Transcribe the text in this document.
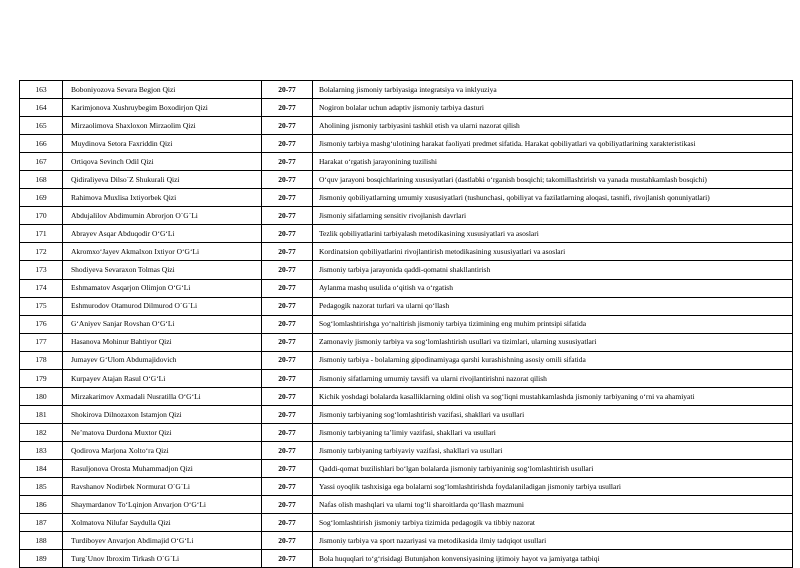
163	Boboniyozova Sevara Begjon Qizi	20-77	Bolalarning jismoniy tarbiyasiga integratsiya va inklyuziya
164	Karimjonova Xushruybegim Boxodirjon Qizi	20-77	Nogiron bolalar uchun adaptiv jismoniy tarbiya dasturi
165	Mirzaolimova Shaxloxon Mirzaolim Qizi	20-77	Aholining jismoniy tarbiyasini tashkil etish va ularni nazorat qilish
166	Muydinova Setora Faxriddin Qizi	20-77	Jismoniy tarbiya mashg‘ulotining harakat faoliyati predmet sifatida. Harakat qobiliyatlari va qobiliyatlarining xarakteristikasi
167	Ortiqova Sevinch Odil Qizi	20-77	Harakat o‘rgatish jarayonining tuzilishi
168	Qidiraliyeva Dilso`Z Shukurali Qizi	20-77	O‘quv jarayoni bosqichlarining xususiyatlari (dastlabki o‘rganish bosqichi; takomillashtirish va yanada mustahkamlash bosqichi)
169	Rahimova Muxlisa Ixtiyorbek Qizi	20-77	Jismoniy qobiliyatlarning umumiy xususiyatlari (tushunchasi, qobiliyat va fazilatlarning aloqasi, tasnifi, rivojlanish qonuniyatlari)
170	Abdujalilov Abdimumin Abrorjon O`G`Li	20-77	Jismoniy sifatlarning sensitiv rivojlanish davrlari
171	Abrayev Asqar Abduqodir O‘G‘Li	20-77	Tezlik qobiliyatlarini tarbiyalash metodikasining xususiyatlari va asoslari
172	Akromxo‘Jayev Akmalxon Ixtiyor O‘G‘Li	20-77	Kordinatsion qobiliyatlarini rivojlantirish metodikasining xususiyatlari va asoslari
173	Shodiyeva Sevaraxon Tolmas Qizi	20-77	Jismoniy tarbiya jarayonida qaddi-qomatni shakllantirish
174	Eshmamatov Asqarjon Olimjon O‘G‘Li	20-77	Aylanma mashq usulida o‘qitish va o‘rgatish
175	Eshmurodov Otamurod Dilmurod O`G`Li	20-77	Pedagogik nazorat turlari va ularni qo‘llash
176	G‘Aniyev Sanjar Rovshan O‘G‘Li	20-77	Sog‘lomlashtirishga yo‘naltirish jismoniy tarbiya tizimining eng muhim printsipi sifatida
177	Hasanova Mohinur Bahtiyor Qizi	20-77	Zamonaviy jismoniy tarbiya va sog‘lomlashtirish usullari va tizimlari, ularning xususiyatlari
178	Jumayev G‘Ulom Abdumajidovich	20-77	Jismoniy tarbiya - bolalarning gipodinamiyaga qarshi kurashishning asosiy omili sifatida
179	Kurpayev Atajan Rasul O‘G‘Li	20-77	Jismoniy sifatlarning umumiy tavsifi va ularni rivojlantirishni nazorat qilish
180	Mirzakarimov Axmadali Nusratilla O‘G‘Li	20-77	Kichik yoshdagi bolalarda kasalliklarning oldini olish va sog‘liqni mustahkamlashda jismoniy tarbiyaning o‘rni va ahamiyati
181	Shokirova Dilnozaxon Istamjon Qizi	20-77	Jismoniy tarbiyaning sog‘lomlashtirish vazifasi, shakllari va usullari
182	Ne’matova Durdona Muxtor Qizi	20-77	Jismoniy tarbiyaning ta’limiy vazifasi, shakllari va usullari
183	Qodirova Marjona Xolto‘ra Qizi	20-77	Jismoniy tarbiyaning tarbiyaviy vazifasi, shakllari va usullari
184	Rasuljonova Orosta Muhammadjon Qizi	20-77	Qaddi-qomat buzilishlari bo‘lgan bolalarda jismoniy tarbiyaninig sog‘lomlashtirish usullari
185	Ravshanov Nodirbek Normurat O`G`Li	20-77	Yassi oyoqlik tashxisiga ega bolalarni sog‘lomlashtirishda foydalaniladigan jismoniy tarbiya usullari
186	Shaymardanov To‘Lqinjon Anvarjon O‘G‘Li	20-77	Nafas olish mashqlari va ularni tog‘li sharoitlarda qo‘llash mazmuni
187	Xolmatova Nilufar Saydulla Qizi	20-77	Sog‘lomlashtirish jismoniy tarbiya tizimida pedagogik va tibbiy nazorat
188	Turdiboyev Anvarjon Abdimajid O‘G‘Li	20-77	Jismoniy tarbiya va sport nazariyasi va metodikasida ilmiy tadqiqot usullari
189	Turg`Unov Ibroxim Tirkash O`G`Li	20-77	Bola huquqlari to‘g‘risidagi Butunjahon konvensiyasining ijtimoiy hayot va jamiyatga tatbiqi
